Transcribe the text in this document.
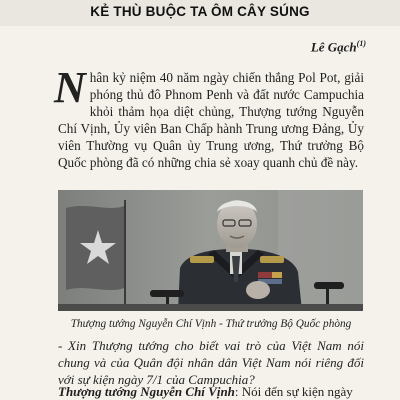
KẺ THÙ BUỘC TA ÔM CÂY SÚNG
Lê Gạch$^{(1)}$
Nhân kỷ niệm 40 năm ngày chiến thắng Pol Pot, giải phóng thủ đô Phnom Penh và đất nước Campuchia khỏi thảm họa diệt chủng, Thượng tướng Nguyễn Chí Vịnh, Ủy viên Ban Chấp hành Trung ương Đảng, Ủy viên Thường vụ Quân ủy Trung ương, Thứ trưởng Bộ Quốc phòng đã có những chia sẻ xoay quanh chủ đề này.
Thượng tướng Nguyễn Chí Vịnh - Thứ trưởng Bộ Quốc phòng
- Xin Thượng tướng cho biết vai trò của Việt Nam nói chung và của Quân đội nhân dân Việt Nam nói riêng đối với sự kiện ngày 7/1 của Campuchia?
Thượng tướng Nguyễn Chí Vịnh: Nói đến sự kiện ngày
